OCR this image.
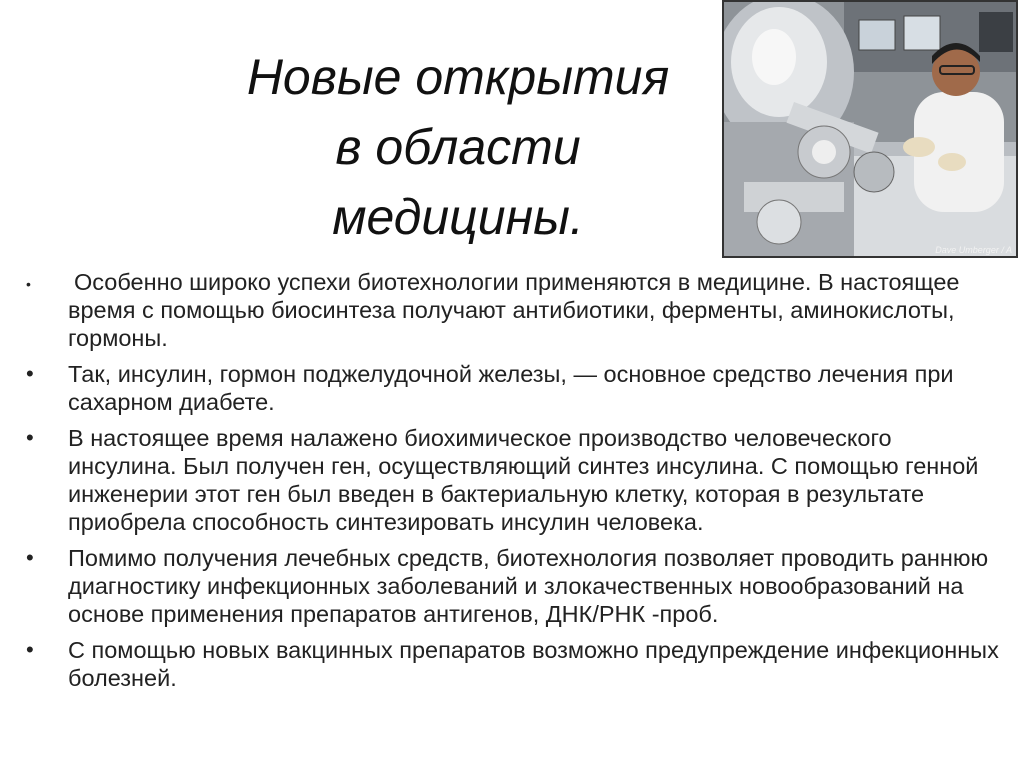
Новые открытия
в области
медицины.
Dave Umberger / A
• Особенно широко успехи биотехнологии применяются в медицине. В настоящее время с помощью биосинтеза получают антибиотики, ферменты, аминокислоты, гормоны.
• Так, инсулин, гормон поджелудочной железы, — основное средство лечения при сахарном диабете.
• В настоящее время налажено биохимическое производство человеческого инсулина. Был получен ген, осуществляющий синтез инсулина. С помощью генной инженерии этот ген был введен в бактериальную клетку, которая в результате приобрела способность синтезировать инсулин человека.
• Помимо получения лечебных средств, биотехнология позволяет проводить раннюю диагностику инфекционных заболеваний и злокачественных новообразований на основе применения препаратов антигенов, ДНК/РНК -проб.
• С помощью новых вакцинных препаратов возможно предупреждение инфекционных болезней.
